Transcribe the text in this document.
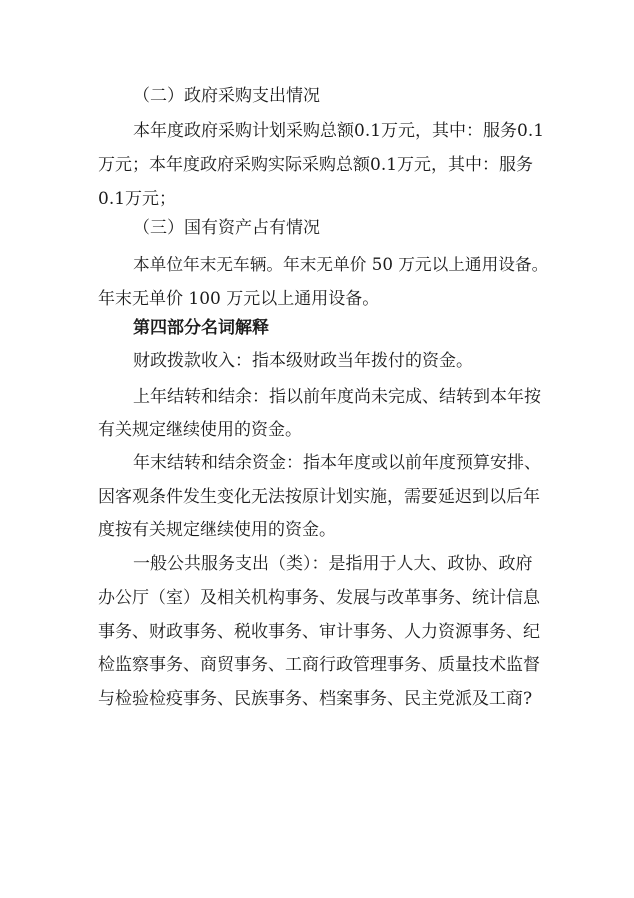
（二）政府采购支出情况
本年度政府采购计划采购总额0.1万元，其中：服务0.1
万元；本年度政府采购实际采购总额0.1万元，其中：服务
0.1万元；
（三）国有资产占有情况
本单位年末无车辆。年末无单价 50 万元以上通用设备。
年末无单价 100 万元以上通用设备。
第四部分名词解释
财政拨款收入：指本级财政当年拨付的资金。
上年结转和结余：指以前年度尚未完成、结转到本年按
有关规定继续使用的资金。
年末结转和结余资金：指本年度或以前年度预算安排、
因客观条件发生变化无法按原计划实施，需要延迟到以后年
度按有关规定继续使用的资金。
一般公共服务支出（类）：是指用于人大、政协、政府
办公厅（室）及相关机构事务、发展与改革事务、统计信息
事务、财政事务、税收事务、审计事务、人力资源事务、纪
检监察事务、商贸事务、工商行政管理事务、质量技术监督
与检验检疫事务、民族事务、档案事务、民主党派及工商?
